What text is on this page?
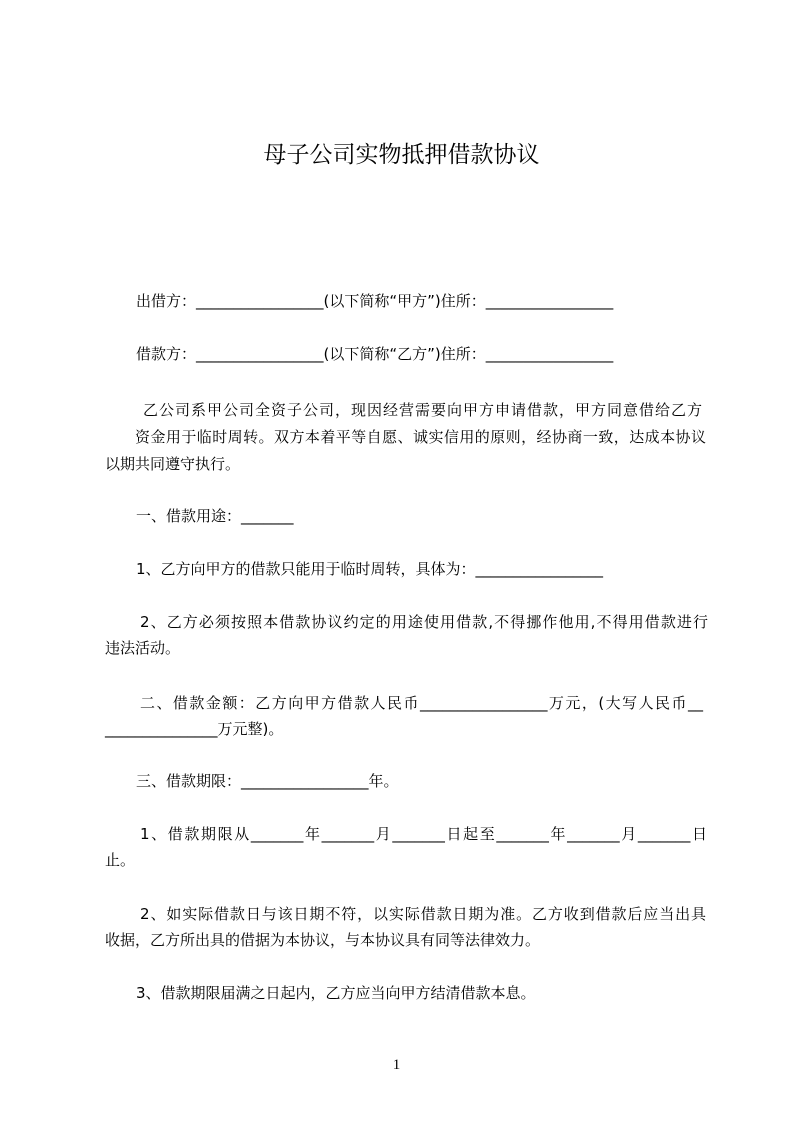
母子公司实物抵押借款协议
出借方：_________________(以下简称“甲方”)住所：_________________
借款方：_________________(以下简称“乙方”)住所：_________________
乙公司系甲公司全资子公司，现因经营需要向甲方申请借款，甲方同意借给乙方
资金用于临时周转。双方本着平等自愿、诚实信用的原则，经协商一致，达成本协议
以期共同遵守执行。
一、借款用途：_______
1、乙方向甲方的借款只能用于临时周转，具体为：_________________
2、乙方必须按照本借款协议约定的用途使用借款,不得挪作他用,不得用借款进行
违法活动。
二、借款金额：乙方向甲方借款人民币_________________万元，(大写人民币__
_______________万元整)。
三、借款期限：_________________年。
1、借款期限从_______年_______月_______日起至_______年_______月_______日
止。
2、如实际借款日与该日期不符，以实际借款日期为准。乙方收到借款后应当出具
收据，乙方所出具的借据为本协议，与本协议具有同等法律效力。
3、借款期限届满之日起内，乙方应当向甲方结清借款本息。
1
